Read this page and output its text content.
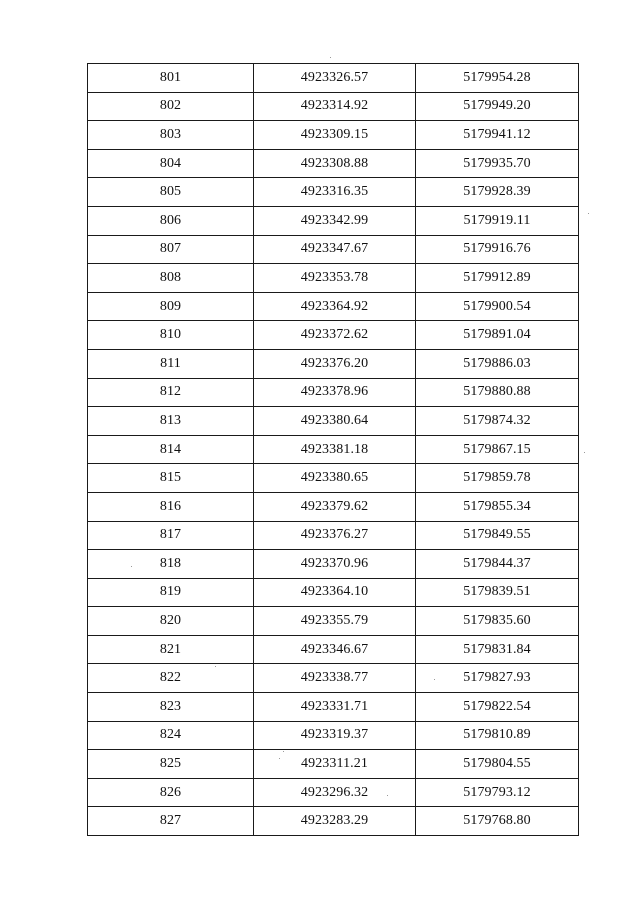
801	4923326.57	5179954.28
802	4923314.92	5179949.20
803	4923309.15	5179941.12
804	4923308.88	5179935.70
805	4923316.35	5179928.39
806	4923342.99	5179919.11
807	4923347.67	5179916.76
808	4923353.78	5179912.89
809	4923364.92	5179900.54
810	4923372.62	5179891.04
811	4923376.20	5179886.03
812	4923378.96	5179880.88
813	4923380.64	5179874.32
814	4923381.18	5179867.15
815	4923380.65	5179859.78
816	4923379.62	5179855.34
817	4923376.27	5179849.55
818	4923370.96	5179844.37
819	4923364.10	5179839.51
820	4923355.79	5179835.60
821	4923346.67	5179831.84
822	4923338.77	5179827.93
823	4923331.71	5179822.54
824	4923319.37	5179810.89
825	4923311.21	5179804.55
826	4923296.32	5179793.12
827	4923283.29	5179768.80
